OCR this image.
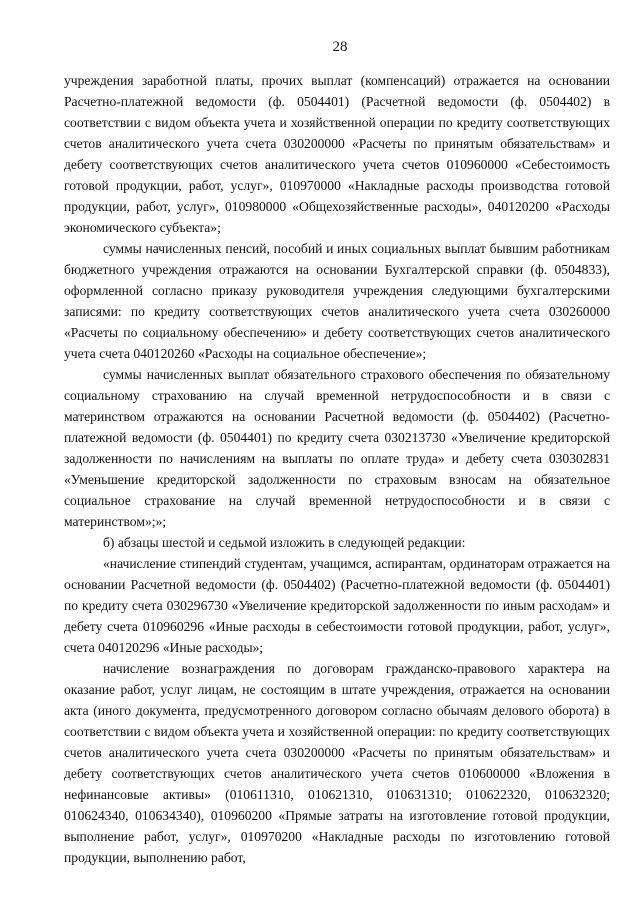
28

учреждения заработной платы, прочих выплат (компенсаций) отражается на основании Расчетно-платежной ведомости (ф. 0504401) (Расчетной ведомости (ф. 0504402) в соответствии с видом объекта учета и хозяйственной операции по кредиту соответствующих счетов аналитического учета счета 030200000 «Расчеты по принятым обязательствам» и дебету соответствующих счетов аналитического учета счетов 010960000 «Себестоимость готовой продукции, работ, услуг», 010970000 «Накладные расходы производства готовой продукции, работ, услуг», 010980000 «Общехозяйственные расходы», 040120200 «Расходы экономического субъекта»;

суммы начисленных пенсий, пособий и иных социальных выплат бывшим работникам бюджетного учреждения отражаются на основании Бухгалтерской справки (ф. 0504833), оформленной согласно приказу руководителя учреждения следующими бухгалтерскими записями: по кредиту соответствующих счетов аналитического учета счета 030260000 «Расчеты по социальному обеспечению» и дебету соответствующих счетов аналитического учета счета 040120260 «Расходы на социальное обеспечение»;

суммы начисленных выплат обязательного страхового обеспечения по обязательному социальному страхованию на случай временной нетрудоспособности и в связи с материнством отражаются на основании Расчетной ведомости (ф. 0504402) (Расчетно-платежной ведомости (ф. 0504401) по кредиту счета 030213730 «Увеличение кредиторской задолженности по начислениям на выплаты по оплате труда» и дебету счета 030302831 «Уменьшение кредиторской задолженности по страховым взносам на обязательное социальное страхование на случай временной нетрудоспособности и в связи с материнством»;»;

б) абзацы шестой и седьмой изложить в следующей редакции:

«начисление стипендий студентам, учащимся, аспирантам, ординаторам отражается на основании Расчетной ведомости (ф. 0504402) (Расчетно-платежной ведомости (ф. 0504401) по кредиту счета 030296730 «Увеличение кредиторской задолженности по иным расходам» и дебету счета 010960296 «Иные расходы в себестоимости готовой продукции, работ, услуг», счета 040120296 «Иные расходы»;

начисление вознаграждения по договорам гражданско-правового характера на оказание работ, услуг лицам, не состоящим в штате учреждения, отражается на основании акта (иного документа, предусмотренного договором согласно обычаям делового оборота) в соответствии с видом объекта учета и хозяйственной операции: по кредиту соответствующих счетов аналитического учета счета 030200000 «Расчеты по принятым обязательствам» и дебету соответствующих счетов аналитического учета счетов 010600000 «Вложения в нефинансовые активы» (010611310, 010621310, 010631310; 010622320, 010632320; 010624340, 010634340), 010960200 «Прямые затраты на изготовление готовой продукции, выполнение работ, услуг», 010970200 «Накладные расходы по изготовлению готовой продукции, выполнению работ,
